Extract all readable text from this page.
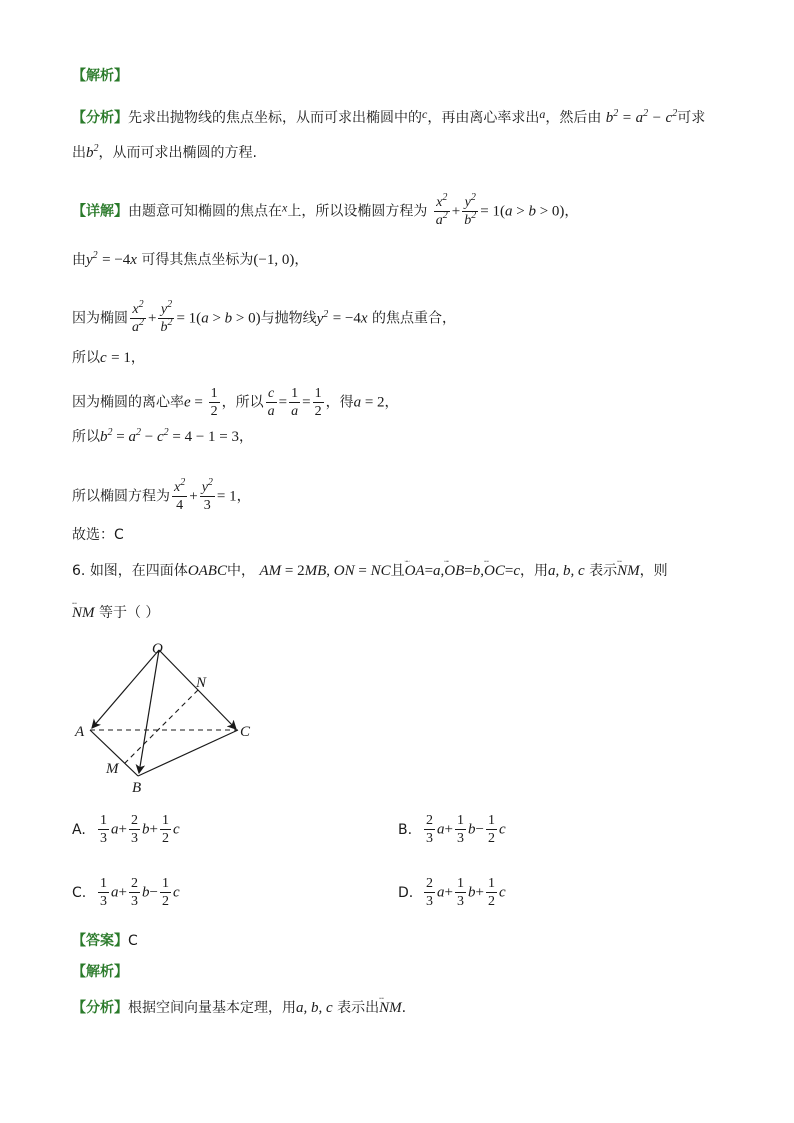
【解析】
【分析】先求出抛物线的焦点坐标，从而可求出椭圆中的c，再由离心率求出a，然后由 $b^2 = a^2 - c^2$可求
出$b^2$，从而可求出椭圆的方程.
【详解】由题意可知椭圆的焦点在x上，所以设椭圆方程为 $\frac{x^2}{a^2} + \frac{y^2}{b^2} = 1(a > b > 0)$，
由$y^2 = -4x$ 可得其焦点坐标为(−1, 0)，
因为椭圆 $\frac{x^2}{a^2} + \frac{y^2}{b^2} = 1(a > b > 0)$与抛物线$y^2 = -4x$ 的焦点重合，
所以c = 1，
因为椭圆的离心率$e = \frac{1}{2}$ ，所以 $\frac{c}{a} = \frac{1}{a} = \frac{1}{2}$ ，得a = 2，
所以$b^2 = a^2 - c^2 = 4 - 1 = 3$，
所以椭圆方程为 $\frac{x^2}{4} + \frac{y^2}{3} = 1$，
故选：C
6. 如图，在四面体OABC中， AM = 2MB, ON = NC且ᵕᵕᵕ OA=a,ᵕᵕᵕ OB=b,ᵕᵕᵕ OC=c，用a, b, c 表示ᵕᵕᵕ NM，则
ᵕᵕᵕ NM 等于（ ）
O
N
A	C
M
B
A. $\frac{1}{3} a+ \frac{2}{3} b+ \frac{1}{2}$ c	B. $\frac{2}{3} a+ \frac{1}{3} b- \frac{1}{2}$ c
C. $\frac{1}{3} a+ \frac{2}{3} b- \frac{1}{2}$ c	D. $\frac{2}{3} a+ \frac{1}{3} b+ \frac{1}{2}$ c
【答案】C
【解析】
【分析】根据空间向量基本定理，用a, b, c 表示出ᵕᵕᵕ NM.
